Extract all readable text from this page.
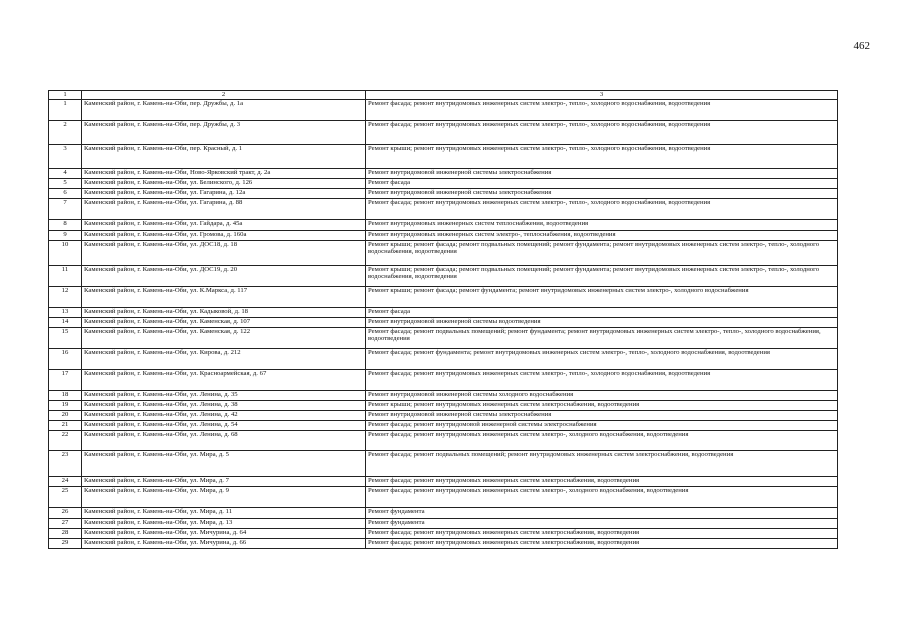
462
1	2	3
1	Каменский район, г. Камень-на-Оби, пер. Дружбы, д. 1а	Ремонт фасада; ремонт внутридомовых инженерных систем электро-, тепло-, холодного водоснабжения, водоотведения
2	Каменский район, г. Камень-на-Оби, пер. Дружбы, д. 3	Ремонт фасада; ремонт внутридомовых инженерных систем электро-, тепло-, холодного водоснабжения, водоотведения
3	Каменский район, г. Камень-на-Оби, пер. Красный, д. 1	Ремонт крыши; ремонт внутридомовых инженерных систем электро-, тепло-, холодного водоснабжения, водоотведения
4	Каменский район, г. Камень-на-Оби, Ново-Ярковский тракт, д. 2а	Ремонт внутридомовой инженерной системы электроснабжения
5	Каменский район, г. Камень-на-Оби, ул. Белинского, д. 126	Ремонт фасада
6	Каменский район, г. Камень-на-Оби, ул. Гагарина, д. 12а	Ремонт внутридомовой инженерной системы электроснабжения
7	Каменский район, г. Камень-на-Оби, ул. Гагарина, д. 88	Ремонт фасада; ремонт внутридомовых инженерных систем электро-, тепло-, холодного водоснабжения, водоотведения
8	Каменский район, г. Камень-на-Оби, ул. Гайдара, д. 45а	Ремонт внутридомовых инженерных систем теплоснабжения, водоотведения
9	Каменский район, г. Камень-на-Оби, ул. Громова, д. 160а	Ремонт внутридомовых инженерных систем электро-, теплоснабжения, водоотведения
10	Каменский район, г. Камень-на-Оби, ул. ДОС18, д. 18	Ремонт крыши; ремонт фасада; ремонт подвальных помещений; ремонт фундамента; ремонт внутридомовых инженерных систем электро-, тепло-, холодного водоснабжения, водоотведения
11	Каменский район, г. Камень-на-Оби, ул. ДОС19, д. 20	Ремонт крыши; ремонт фасада; ремонт подвальных помещений; ремонт фундамента; ремонт внутридомовых инженерных систем электро-, тепло-, холодного водоснабжения, водоотведения
12	Каменский район, г. Камень-на-Оби, ул. К.Маркса, д. 117	Ремонт крыши; ремонт фасада; ремонт фундамента; ремонт внутридомовых инженерных систем электро-, холодного водоснабжения
13	Каменский район, г. Камень-на-Оби, ул. Кадыковой, д. 18	Ремонт фасада
14	Каменский район, г. Камень-на-Оби, ул. Каменская, д. 107	Ремонт внутридомовой инженерной системы водоотведения
15	Каменский район, г. Камень-на-Оби, ул. Каменская, д. 122	Ремонт фасада; ремонт подвальных помещений; ремонт фундамента; ремонт внутридомовых инженерных систем электро-, тепло-, холодного водоснабжения, водоотведения
16	Каменский район, г. Камень-на-Оби, ул. Кирова, д. 212	Ремонт фасада; ремонт фундамента; ремонт внутридомовых инженерных систем электро-, тепло-, холодного водоснабжения, водоотведения
17	Каменский район, г. Камень-на-Оби, ул. Красноармейская, д. 67	Ремонт фасада; ремонт внутридомовых инженерных систем электро-, тепло-, холодного водоснабжения, водоотведения
18	Каменский район, г. Камень-на-Оби, ул. Ленина, д. 35	Ремонт внутридомовой инженерной системы холодного водоснабжения
19	Каменский район, г. Камень-на-Оби, ул. Ленина, д. 38	Ремонт крыши; ремонт внутридомовых инженерных систем электроснабжения, водоотведения
20	Каменский район, г. Камень-на-Оби, ул. Ленина, д. 42	Ремонт внутридомовой инженерной системы электроснабжения
21	Каменский район, г. Камень-на-Оби, ул. Ленина, д. 54	Ремонт фасада; ремонт внутридомовой инженерной системы электроснабжения
22	Каменский район, г. Камень-на-Оби, ул. Ленина, д. 68	Ремонт фасада; ремонт внутридомовых инженерных систем электро-, холодного водоснабжения, водоотведения
23	Каменский район, г. Камень-на-Оби, ул. Мира, д. 5	Ремонт фасада; ремонт подвальных помещений; ремонт внутридомовых инженерных систем электроснабжения, водоотведения
24	Каменский район, г. Камень-на-Оби, ул. Мира, д. 7	Ремонт фасада; ремонт внутридомовых инженерных систем электроснабжения, водоотведения
25	Каменский район, г. Камень-на-Оби, ул. Мира, д. 9	Ремонт фасада; ремонт внутридомовых инженерных систем электро-, холодного водоснабжения, водоотведения
26	Каменский район, г. Камень-на-Оби, ул. Мира, д. 11	Ремонт фундамента
27	Каменский район, г. Камень-на-Оби, ул. Мира, д. 13	Ремонт фундамента
28	Каменский район, г. Камень-на-Оби, ул. Мичурина, д. 64	Ремонт фасада; ремонт внутридомовых инженерных систем электроснабжения, водоотведения
29	Каменский район, г. Камень-на-Оби, ул. Мичурина, д. 66	Ремонт фасада; ремонт внутридомовых инженерных систем электроснабжения, водоотведения
